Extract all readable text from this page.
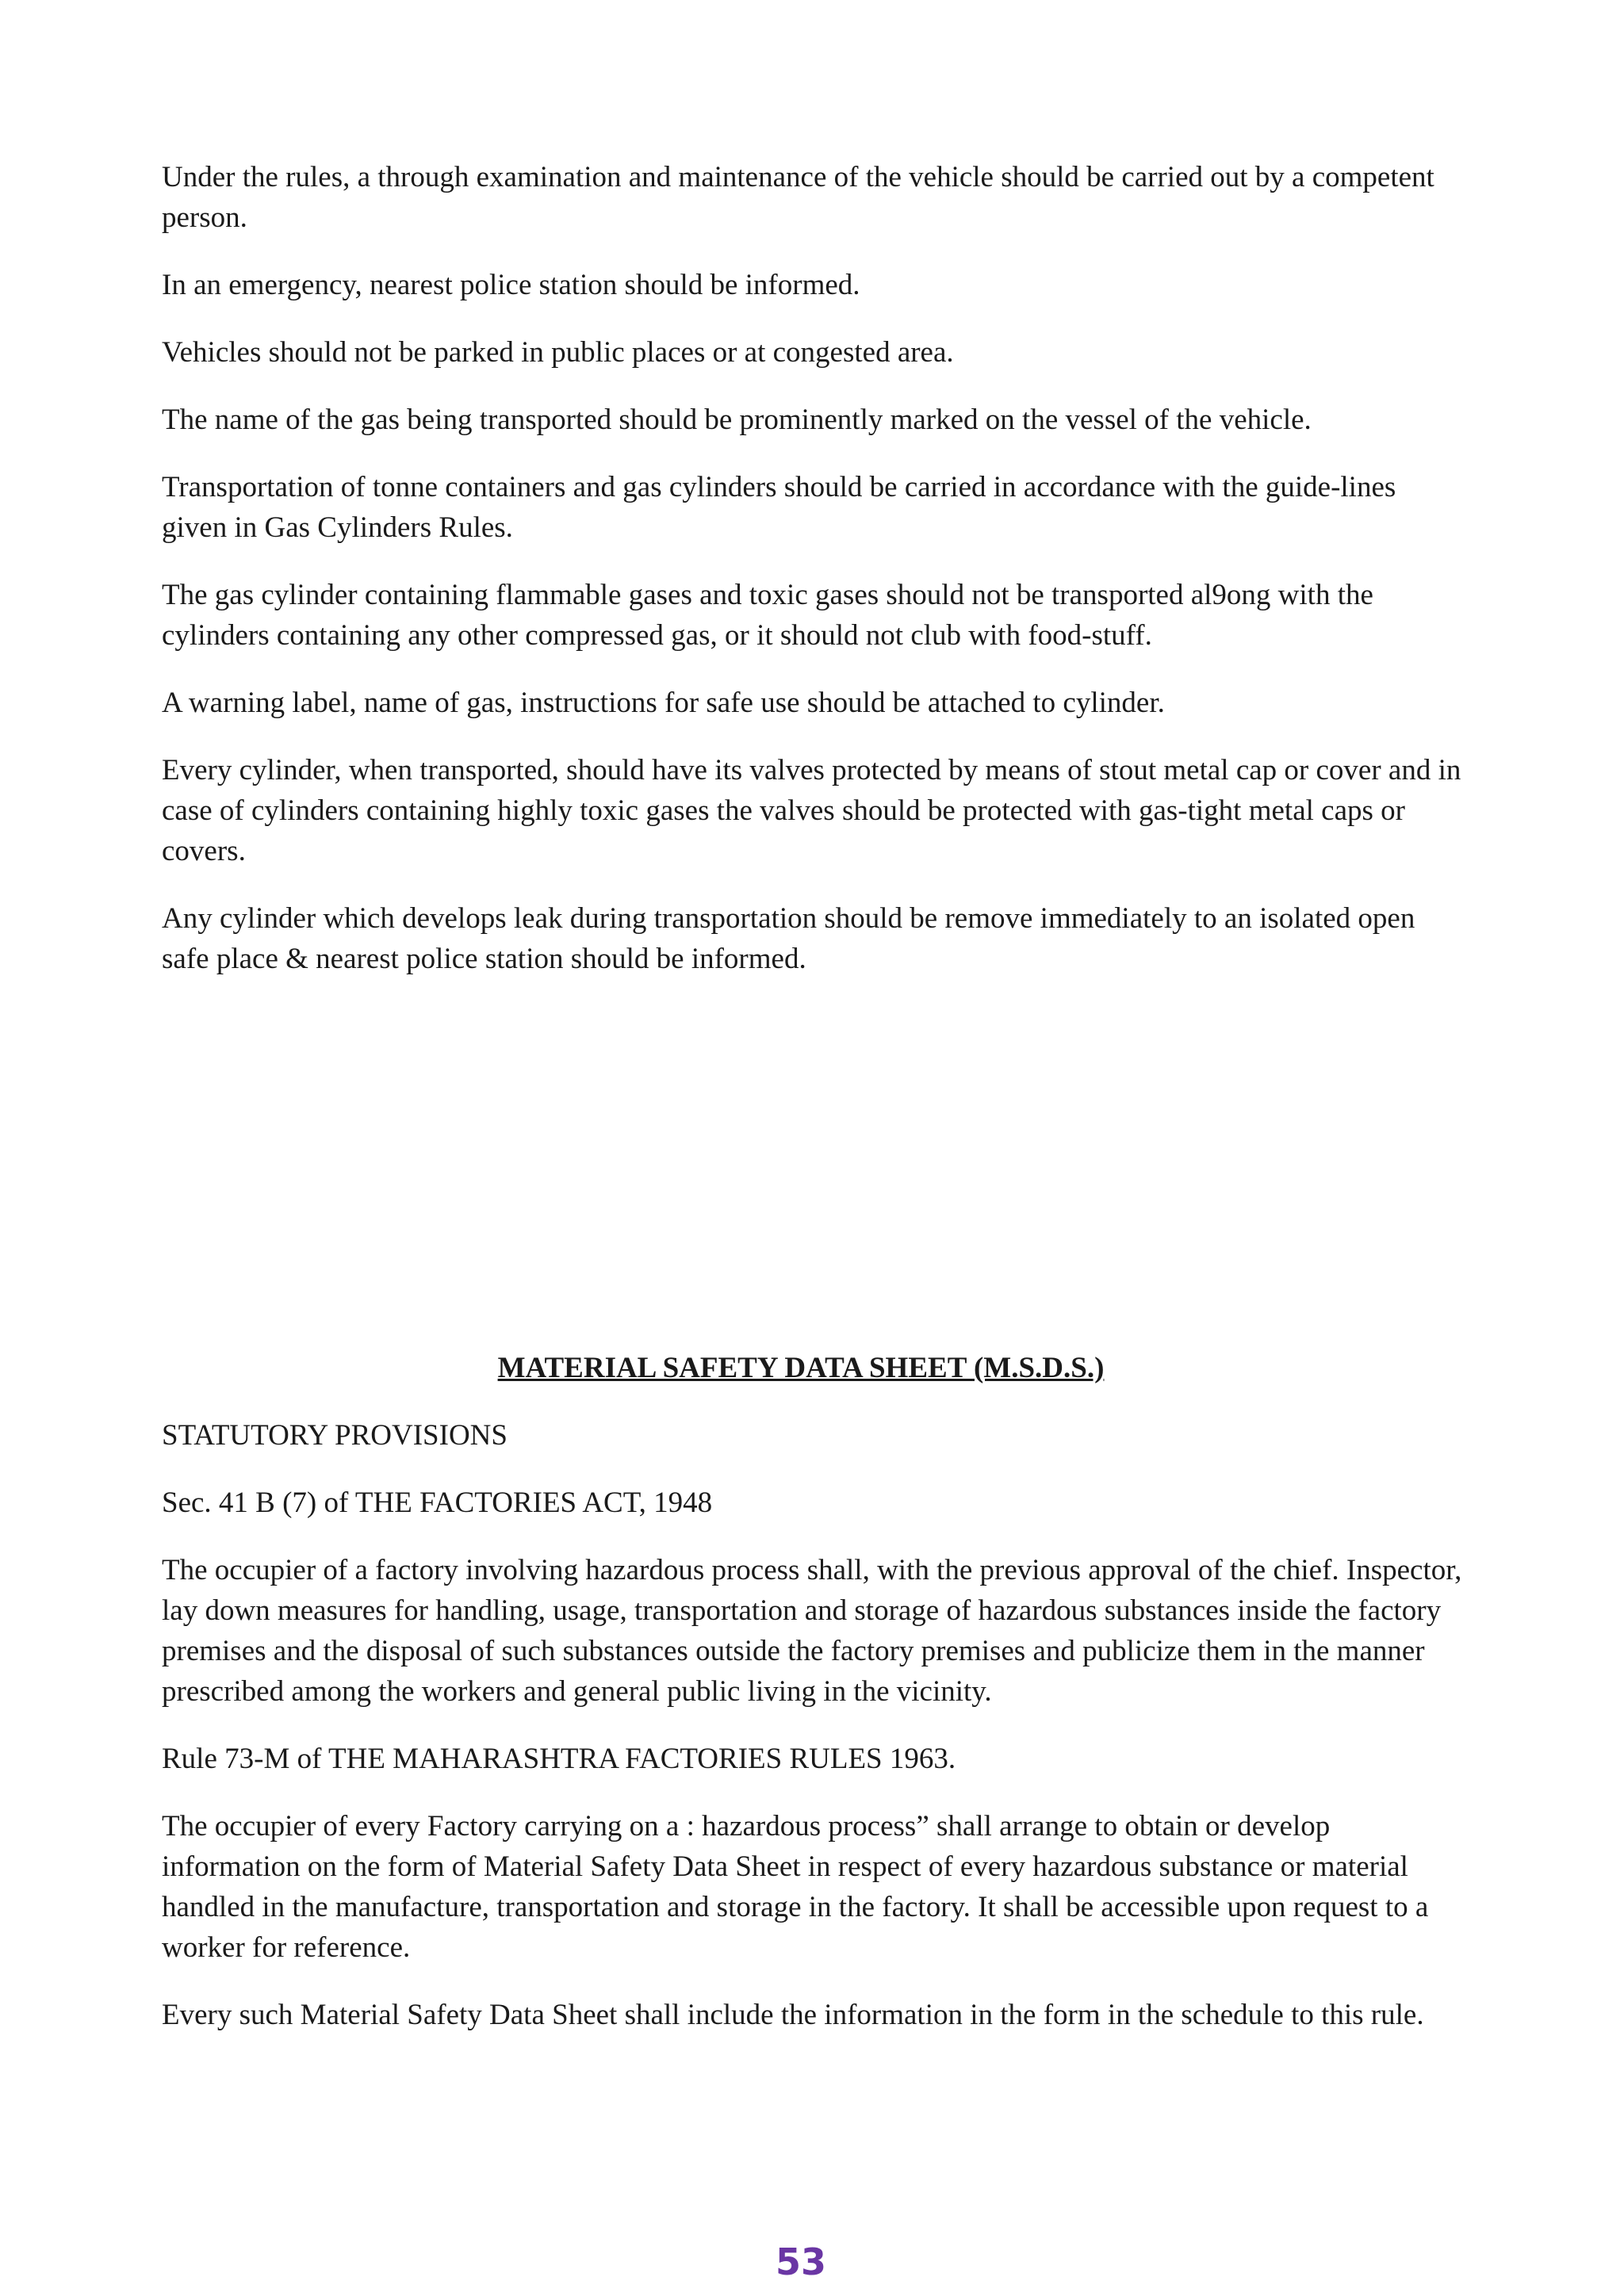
Under the rules, a through examination and maintenance of the vehicle should be carried out by a competent person.

In an emergency, nearest police station should be informed.

Vehicles should not be parked in public places or at congested area.

The name of the gas being transported should be prominently marked on the vessel of the vehicle.

Transportation of tonne containers and gas cylinders should be carried in accordance with the guide-lines given in Gas Cylinders Rules.

The gas cylinder containing flammable gases and toxic gases should not be transported al9ong with the cylinders containing any other compressed gas, or it should not club with food-stuff.

A warning label, name of gas, instructions for safe use should be attached to cylinder.

Every cylinder, when transported, should have its valves protected by means of stout metal cap or cover and in case of cylinders containing highly toxic gases the valves should be protected with gas-tight metal caps or covers.

Any cylinder which develops leak during transportation should be remove immediately to an isolated open safe place & nearest police station should be informed.

MATERIAL SAFETY DATA SHEET (M.S.D.S.)

STATUTORY PROVISIONS

Sec. 41 B (7) of THE FACTORIES ACT, 1948

The occupier of a factory involving hazardous process shall, with the previous approval of the chief. Inspector, lay down measures for handling, usage, transportation and storage of hazardous substances inside the factory premises and the disposal of such substances outside the factory premises and publicize them in the manner prescribed among the workers and general public living in the vicinity.

Rule 73-M of THE MAHARASHTRA FACTORIES RULES 1963.

The occupier of every Factory carrying on a : hazardous process” shall arrange to obtain or develop information on the form of Material Safety Data Sheet in respect of every hazardous substance or material handled in the manufacture, transportation and storage in the factory. It shall be accessible upon request to a worker for reference.

Every such Material Safety Data Sheet shall include the information in the form in the schedule to this rule.

53
